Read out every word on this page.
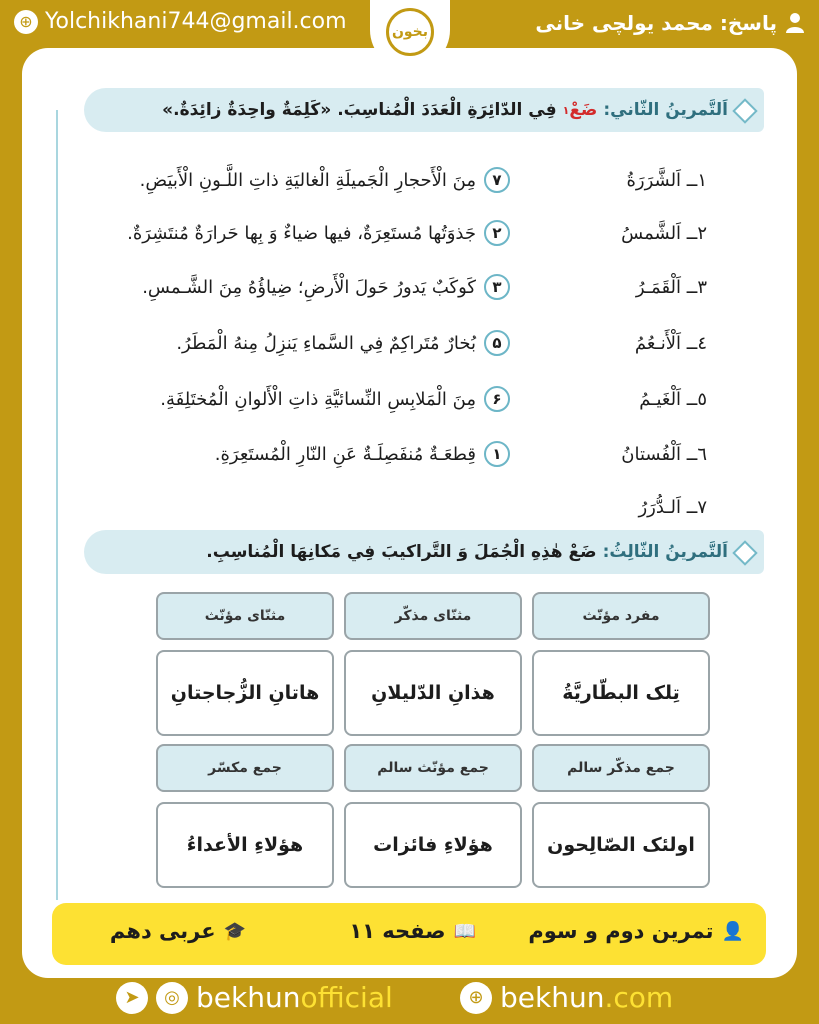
⊕ Yolchikhani744@gmail.com	پاسخ: محمد یولچی خانی
بخون
اَلتَّمرينُ الثّاني:
ضَعْ
۱
فِي الدّائِرَةِ الْعَدَدَ الْمُناسِبَ. «كَلِمَةٌ واحِدَةٌ زائِدَةٌ.»
۷
مِنَ الْأَحجارِ الْجَميلَةِ الْغاليَةِ ذاتِ اللَّـونِ الْأَبيَضِ.
۲
جَذوَتُها مُستَعِرَةٌ، فيها ضياءٌ وَ بِها حَرارَةٌ مُنتَشِرَةٌ.
۳
كَوكَبٌ يَدورُ حَولَ الْأَرضِ؛ ضِياؤُهُ مِنَ الشَّـمسِ.
۵
بُخارٌ مُتَراكِمٌ فِي السَّماءِ يَنزِلُ مِنهُ الْمَطَرُ.
۶
مِنَ الْمَلابِسِ النِّسائيَّةِ ذاتِ الْأَلوانِ الْمُختَلِفَةِ.
۱
قِطعَـةٌ مُنفَصِلَـةٌ عَنِ النّارِ الْمُستَعِرَةِ.
١ــ اَلشَّرَرَةُ
٢ــ اَلشَّمسُ
٣ــ اَلْقَمَـرُ
٤ــ اَلْأَنـعُمُ
٥ــ اَلْغَيـمُ
٦ــ اَلْفُستانُ
٧ــ اَلـدُّرَرُ
اَلتَّمرينُ الثّالِثُ:
ضَعْ هٰذِهِ الْجُمَلَ وَ التَّراكيبَ فِي مَكانِهَا الْمُناسِبِ.
مفرد مؤنّث
مثنّای مذکّر
مثنّای مؤنّث
تِلک البطّاريَّةُ
هذانِ الدّليلانِ
هاتانِ الزُّجاجتانِ
جمع مذکّر سالم
جمع مؤنّث سالم
جمع مکسّر
اولئک الصّالِحون
هؤلاءِ فائزات
هؤلاءِ الأعداءُ
👤
تمرین دوم و سوم
📖
صفحه ۱۱
🎓
عربی دهم
➤	◎ bekhunofficial	⊕ bekhun.com
